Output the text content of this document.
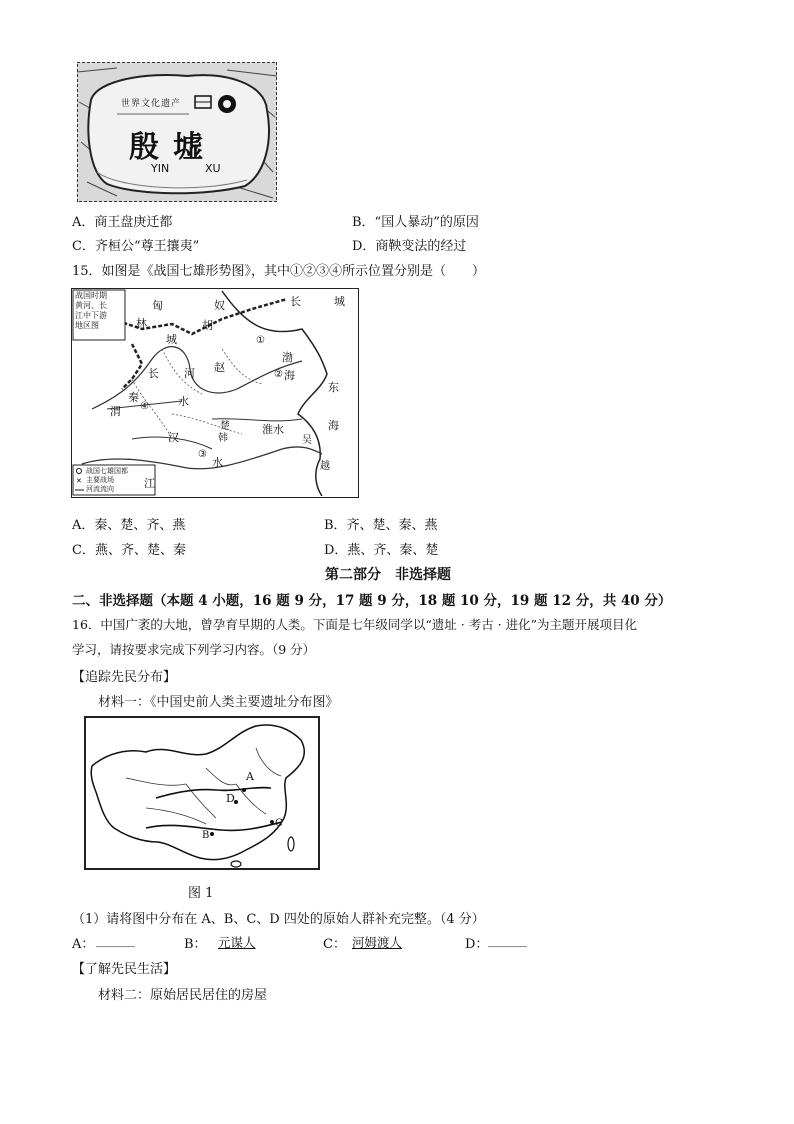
世界文化遗产
殷墟
YIN	XU
A．商王盘庚迁都	B．“国人暴动”的原因
C．齐桓公“尊王攘夷”	D．商鞅变法的经过
15．如图是《战国七雄形势图》，其中①②③④所示位置分别是（　　）
✕
战国时期
黄河、长
江中下游
地区图
匈	奴	长	城
林	胡
长
城
渤
海
东
海
河 赵
秦
渭
水
汉
水
江
淮水
楚
韩	吴
越
①
②
③
④
战国七雄国都
主要战场
河流流向
A．秦、楚、齐、燕	B．齐、楚、秦、燕
C．燕、齐、楚、秦	D．燕、齐、秦、楚
第二部分　非选择题
二、非选择题（本题 4 小题，16 题 9 分，17 题 9 分，18 题 10 分，19 题 12 分，共 40 分）
16．中国广袤的大地，曾孕育早期的人类。下面是七年级同学以“遗址 · 考古 · 进化”为主题开展项目化
学习，请按要求完成下列学习内容。（9 分）
【追踪先民分布】
材料一：《中国史前人类主要遗址分布图》
A
B
C
D
图 1
（1）请将图中分布在 A、B、C、D 四处的原始人群补充完整。（4 分）
A： ______	B： 元谋人	C： 河姆渡人	D： ______
【了解先民生活】
材料二：原始居民居住的房屋
